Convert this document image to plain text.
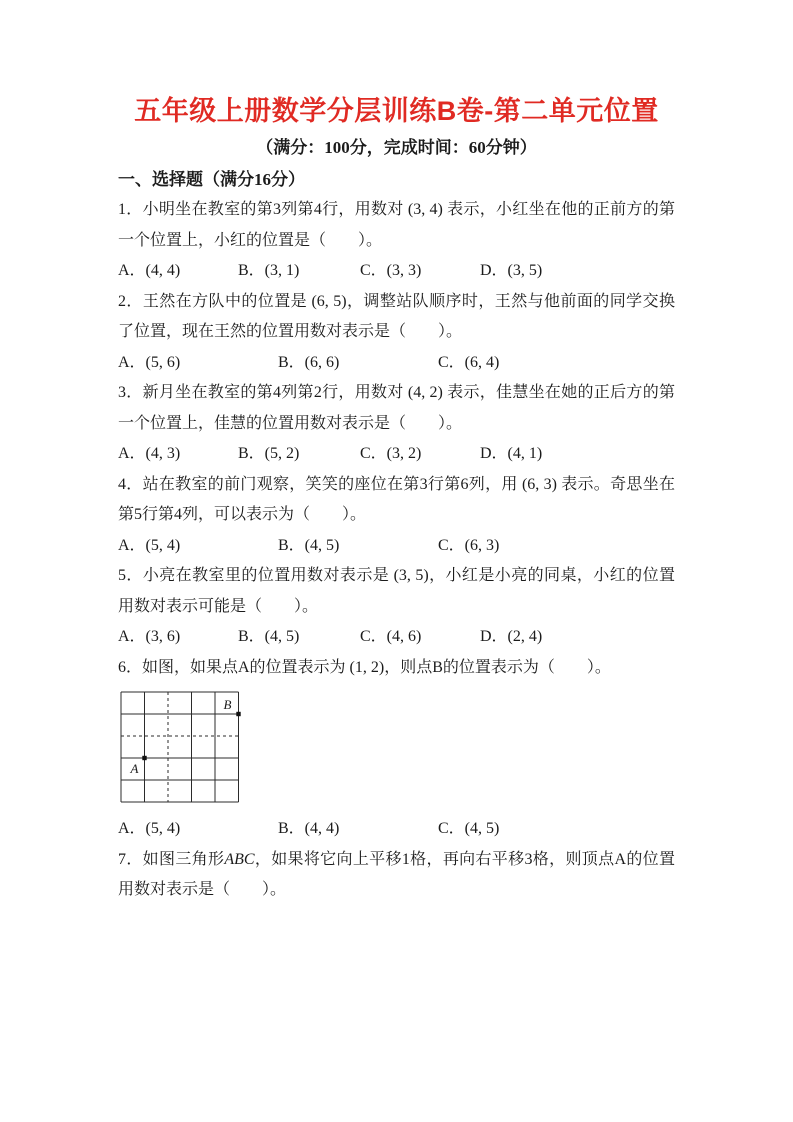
五年级上册数学分层训练B卷-第二单元位置
（满分：100分，完成时间：60分钟）
一、选择题（满分16分）
1．小明坐在教室的第3列第4行，用数对 (3, 4) 表示，小红坐在他的正前方的第一个位置上，小红的位置是（　　）。
A．(4, 4)	B．(3, 1)	C．(3, 3)	D．(3, 5)
2．王然在方队中的位置是 (6, 5)，调整站队顺序时，王然与他前面的同学交换了位置，现在王然的位置用数对表示是（　　）。
A．(5, 6)	B．(6, 6)	C．(6, 4)
3．新月坐在教室的第4列第2行，用数对 (4, 2) 表示，佳慧坐在她的正后方的第一个位置上，佳慧的位置用数对表示是（　　）。
A．(4, 3)	B．(5, 2)	C．(3, 2)	D．(4, 1)
4．站在教室的前门观察，笑笑的座位在第3行第6列，用 (6, 3) 表示。奇思坐在第5行第4列，可以表示为（　　）。
A．(5, 4)	B．(4, 5)	C．(6, 3)
5．小亮在教室里的位置用数对表示是 (3, 5)，小红是小亮的同桌，小红的位置用数对表示可能是（　　）。
A．(3, 6)	B．(4, 5)	C．(4, 6)	D．(2, 4)
6．如图，如果点A的位置表示为 (1, 2)，则点B的位置表示为（　　）。
A
B
A．(5, 4)	B．(4, 4)	C．(4, 5)
7．如图三角形ABC，如果将它向上平移1格，再向右平移3格，则顶点A的位置用数对表示是（　　）。
